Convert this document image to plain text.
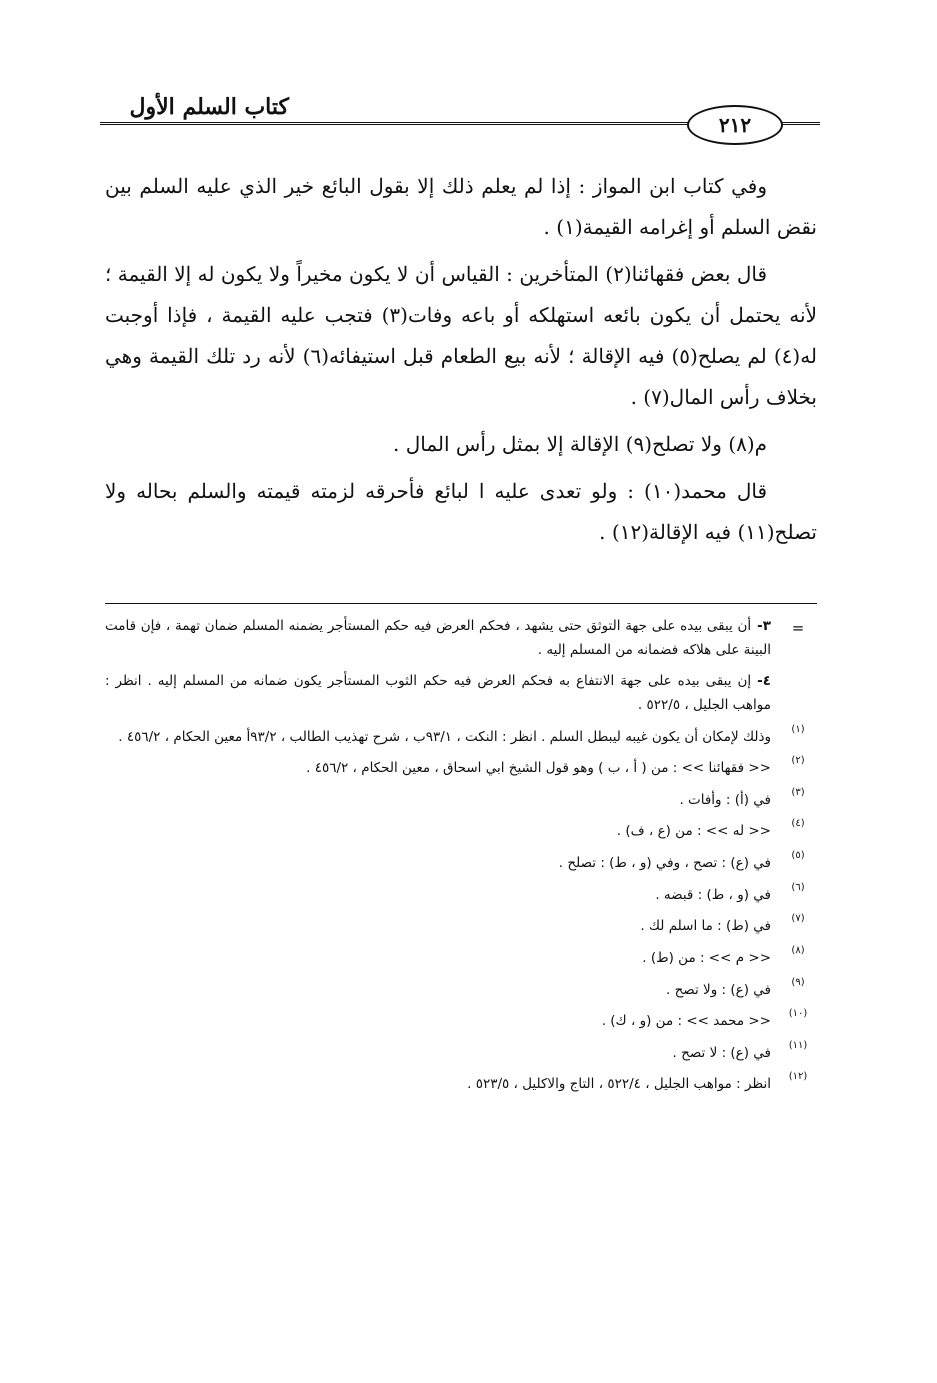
كتاب السلم الأول
٢١٢

وفي كتاب ابن المواز : إذا لم يعلم ذلك إلا بقول البائع خير الذي عليه السلم بين نقض السلم أو إغرامه القيمة(١) .

قال بعض فقهائنا(٢) المتأخرين : القياس أن لا يكون مخيراً ولا يكون له إلا القيمة ؛ لأنه يحتمل أن يكون بائعه استهلكه أو باعه وفات(٣) فتجب عليه القيمة ، فإذا أوجبت له(٤) لم يصلح(٥) فيه الإقالة ؛ لأنه بيع الطعام قبل استيفائه(٦) لأنه رد تلك القيمة وهي بخلاف رأس المال(٧) .

م(٨) ولا تصلح(٩) الإقالة إلا بمثل رأس المال .

قال محمد(١٠) : ولو تعدى عليه ا لبائع فأحرقه لزمته قيمته والسلم بحاله ولا تصلح(١١) فيه الإقالة(١٢) .

=
٣-أن يبقى بيده على جهة التوثق حتى يشهد ، فحكم العرض فيه حكم المستأجر يضمنه المسلم ضمان تهمة ، فإن قامت البينة على هلاكه فضمانه من المسلم إليه .
٤-إن يبقى بيده على جهة الانتفاع به فحكم العرض فيه حكم الثوب المستأجر يكون ضمانه من المسلم إليه . انظر : مواهب الجليل ، ٥٢٢/٥ .
(١)
وذلك لإمكان أن يكون غيبه ليبطل السلم . انظر : النكت ، ٩٣/١ب ، شرح تهذيب الطالب ، ٩٣/٢أ معين الحكام ، ٤٥٦/٢ .
(٢)
<< فقهائنا >> : من ( أ ، ب ) وهو قول الشيخ ابي اسحاق ، معين الحكام ، ٤٥٦/٢ .
(٣)
في (أ) : وأفات .
(٤)
<< له >> : من (ع ، ف) .
(٥)
في (ع) : تصح ، وفي (و ، ط) : تصلح .
(٦)
في (و ، ط) : قبضه .
(٧)
في (ط) : ما اسلم لك .
(٨)
<< م >> : من (ط) .
(٩)
في (ع) : ولا تصح .
(١٠)
<< محمد >> : من (و ، ك) .
(١١)
في (ع) : لا تصح .
(١٢)
انظر : مواهب الجليل ، ٥٢٢/٤ ، التاج والاكليل ، ٥٢٣/٥ .
